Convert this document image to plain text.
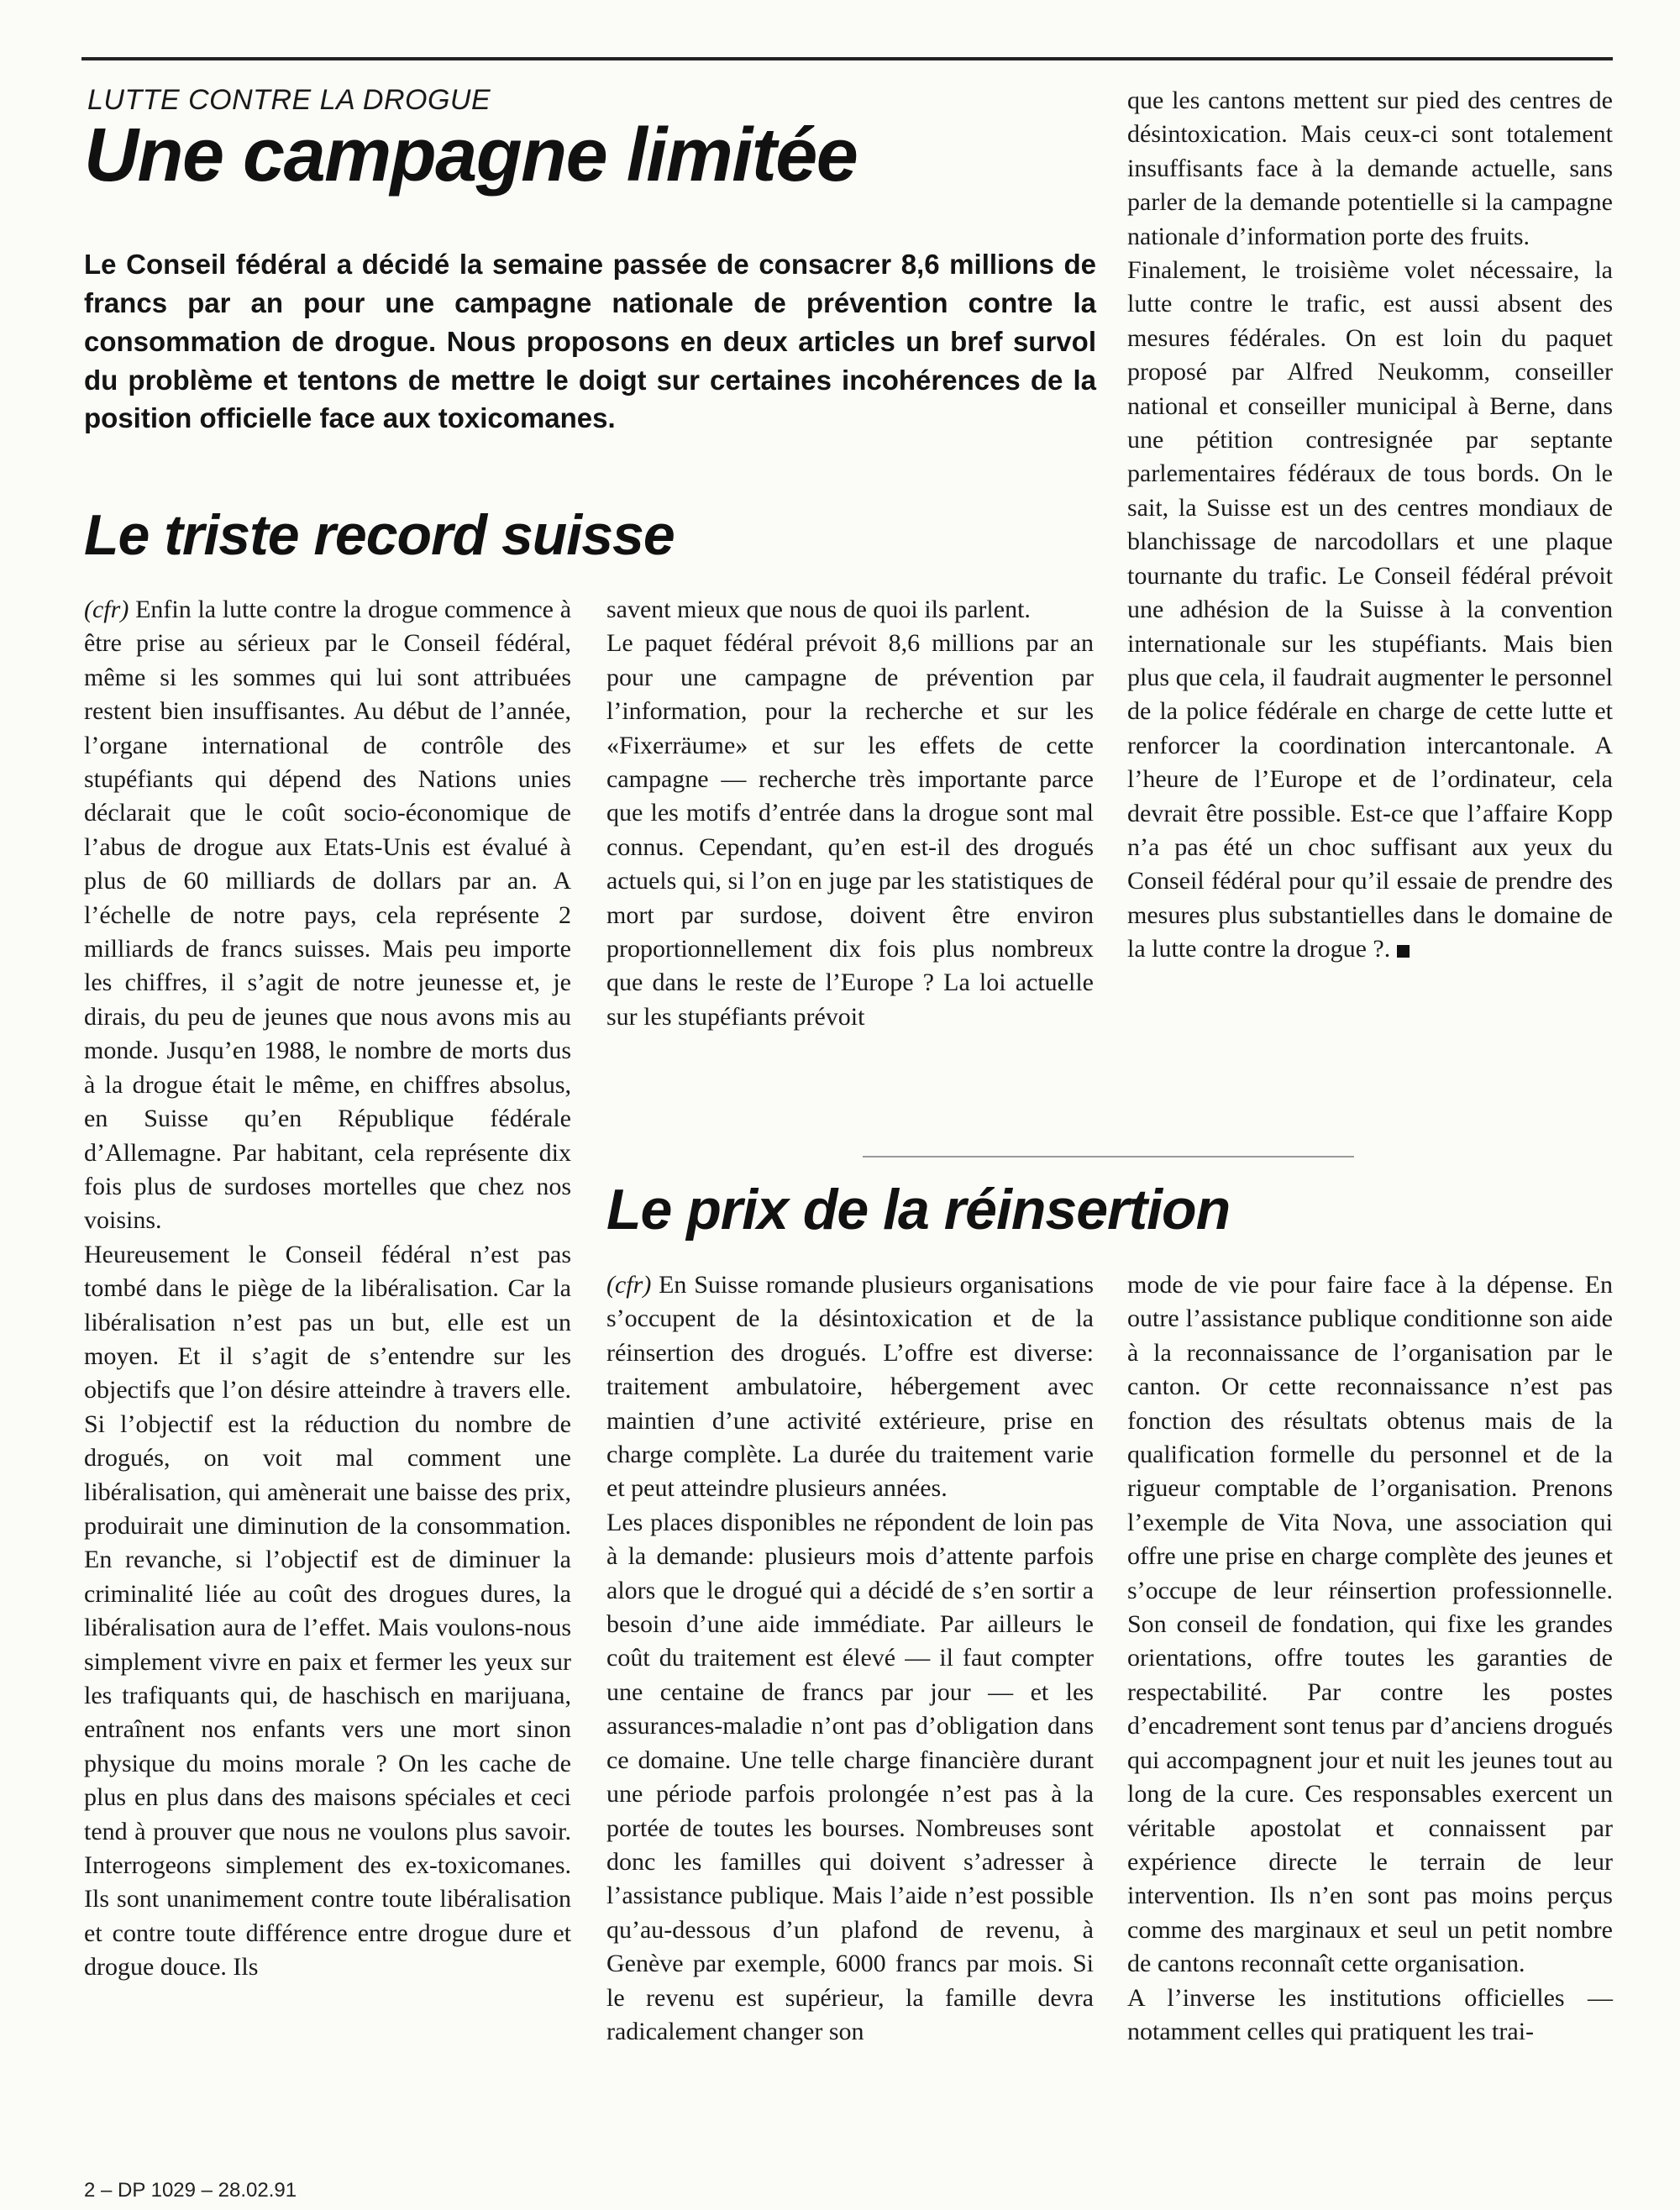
LUTTE CONTRE LA DROGUE
Une campagne limitée

Le Conseil fédéral a décidé la semaine passée de consacrer 8,6 millions de francs par an pour une campagne nationale de prévention contre la consommation de drogue. Nous proposons en deux articles un bref survol du problème et tentons de mettre le doigt sur certaines incohérences de la position officielle face aux toxicomanes.

Le triste record suisse

(cfr) Enfin la lutte contre la drogue commence à être prise au sérieux par le Conseil fédéral, même si les sommes qui lui sont attribuées restent bien insuffisantes. Au début de l’année, l’organe international de contrôle des stupéfiants qui dépend des Nations unies déclarait que le coût socio-économique de l’abus de drogue aux Etats-Unis est évalué à plus de 60 milliards de dollars par an. A l’échelle de notre pays, cela représente 2 milliards de francs suisses. Mais peu importe les chiffres, il s’agit de notre jeunesse et, je dirais, du peu de jeunes que nous avons mis au monde. Jusqu’en 1988, le nombre de morts dus à la drogue était le même, en chiffres absolus, en Suisse qu’en République fédérale d’Allemagne. Par habitant, cela représente dix fois plus de surdoses mortelles que chez nos voisins.

Heureusement le Conseil fédéral n’est pas tombé dans le piège de la libéralisation. Car la libéralisation n’est pas un but, elle est un moyen. Et il s’agit de s’entendre sur les objectifs que l’on désire atteindre à travers elle. Si l’objectif est la réduction du nombre de drogués, on voit mal comment une libéralisation, qui amènerait une baisse des prix, produirait une diminution de la consommation. En revanche, si l’objectif est de diminuer la criminalité liée au coût des drogues dures, la libéralisation aura de l’effet. Mais voulons-nous simplement vivre en paix et fermer les yeux sur les trafiquants qui, de haschisch en marijuana, entraînent nos enfants vers une mort sinon physique du moins morale ? On les cache de plus en plus dans des maisons spéciales et ceci tend à prouver que nous ne voulons plus savoir. Interrogeons simplement des ex-toxicomanes. Ils sont unanimement contre toute libéralisation et contre toute différence entre drogue dure et drogue douce. Ils

savent mieux que nous de quoi ils parlent.

Le paquet fédéral prévoit 8,6 millions par an pour une campagne de prévention par l’information, pour la recherche et sur les «Fixerräume» et sur les effets de cette campagne — recherche très importante parce que les motifs d’entrée dans la drogue sont mal connus. Cependant, qu’en est-il des drogués actuels qui, si l’on en juge par les statistiques de mort par surdose, doivent être environ proportionnellement dix fois plus nombreux que dans le reste de l’Europe ? La loi actuelle sur les stupéfiants prévoit

que les cantons mettent sur pied des centres de désintoxication. Mais ceux-ci sont totalement insuffisants face à la demande actuelle, sans parler de la demande potentielle si la campagne nationale d’information porte des fruits.

Finalement, le troisième volet nécessaire, la lutte contre le trafic, est aussi absent des mesures fédérales. On est loin du paquet proposé par Alfred Neukomm, conseiller national et conseiller municipal à Berne, dans une pétition contresignée par septante parlementaires fédéraux de tous bords. On le sait, la Suisse est un des centres mondiaux de blanchissage de narcodollars et une plaque tournante du trafic. Le Conseil fédéral prévoit une adhésion de la Suisse à la convention internationale sur les stupéfiants. Mais bien plus que cela, il faudrait augmenter le personnel de la police fédérale en charge de cette lutte et renforcer la coordination intercantonale. A l’heure de l’Europe et de l’ordinateur, cela devrait être possible. Est-ce que l’affaire Kopp n’a pas été un choc suffisant aux yeux du Conseil fédéral pour qu’il essaie de prendre des mesures plus substantielles dans le domaine de la lutte contre la drogue ?.

Le prix de la réinsertion

(cfr) En Suisse romande plusieurs organisations s’occupent de la désintoxication et de la réinsertion des drogués. L’offre est diverse: traitement ambulatoire, hébergement avec maintien d’une activité extérieure, prise en charge complète. La durée du traitement varie et peut atteindre plusieurs années.

Les places disponibles ne répondent de loin pas à la demande: plusieurs mois d’attente parfois alors que le drogué qui a décidé de s’en sortir a besoin d’une aide immédiate. Par ailleurs le coût du traitement est élevé — il faut compter une centaine de francs par jour — et les assurances-maladie n’ont pas d’obligation dans ce domaine. Une telle charge financière durant une période parfois prolongée n’est pas à la portée de toutes les bourses. Nombreuses sont donc les familles qui doivent s’adresser à l’assistance publique. Mais l’aide n’est possible qu’au-dessous d’un plafond de revenu, à Genève par exemple, 6000 francs par mois. Si le revenu est supérieur, la famille devra radicalement changer son

mode de vie pour faire face à la dépense. En outre l’assistance publique conditionne son aide à la reconnaissance de l’organisation par le canton. Or cette reconnaissance n’est pas fonction des résultats obtenus mais de la qualification formelle du personnel et de la rigueur comptable de l’organisation. Prenons l’exemple de Vita Nova, une association qui offre une prise en charge complète des jeunes et s’occupe de leur réinsertion professionnelle. Son conseil de fondation, qui fixe les grandes orientations, offre toutes les garanties de respectabilité. Par contre les postes d’encadrement sont tenus par d’anciens drogués qui accompagnent jour et nuit les jeunes tout au long de la cure. Ces responsables exercent un véritable apostolat et connaissent par expérience directe le terrain de leur intervention. Ils n’en sont pas moins perçus comme des marginaux et seul un petit nombre de cantons reconnaît cette organisation.

A l’inverse les institutions officielles — notamment celles qui pratiquent les trai-

2 – DP 1029 – 28.02.91
